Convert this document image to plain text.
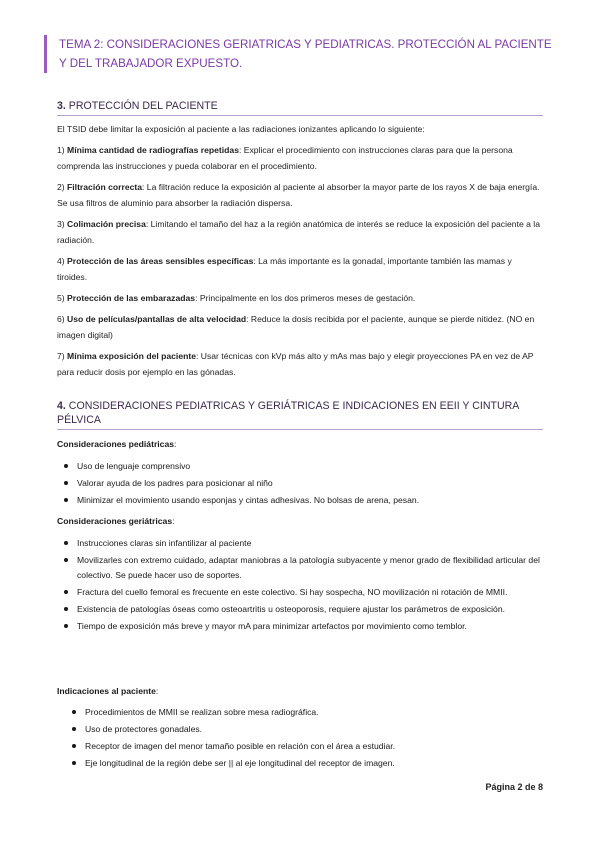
TEMA 2: CONSIDERACIONES GERIATRICAS Y PEDIATRICAS. PROTECCIÓN AL PACIENTE Y DEL TRABAJADOR EXPUESTO.
3. PROTECCIÓN DEL PACIENTE

El TSID debe limitar la exposición al paciente a las radiaciones ionizantes aplicando lo siguiente:

1) Mínima cantidad de radiografías repetidas: Explicar el procedimiento con instrucciones claras para que la persona comprenda las instrucciones y pueda colaborar en el procedimiento.

2) Filtración correcta: La filtración reduce la exposición al paciente al absorber la mayor parte de los rayos X de baja energía. Se usa filtros de aluminio para absorber la radiación dispersa.

3) Colimación precisa: Limitando el tamaño del haz a la región anatómica de interés se reduce la exposición del paciente a la radiación.

4) Protección de las áreas sensibles específicas: La más importante es la gonadal, importante también las mamas y tiroides.

5) Protección de las embarazadas: Principalmente en los dos primeros meses de gestación.

6) Uso de películas/pantallas de alta velocidad: Reduce la dosis recibida por el paciente, aunque se pierde nitidez. (NO en imagen digital)

7) Mínima exposición del paciente: Usar técnicas con kVp más alto y mAs mas bajo y elegir proyecciones PA en vez de AP para reducir dosis por ejemplo en las gónadas.

4. CONSIDERACIONES PEDIATRICAS Y GERIÁTRICAS E INDICACIONES EN EEII Y CINTURA PÉLVICA

Consideraciones pediátricas:

Uso de lenguaje comprensivo
Valorar ayuda de los padres para posicionar al niño
Minimizar el movimiento usando esponjas y cintas adhesivas. No bolsas de arena, pesan.

Consideraciones geriátricas:

Instrucciones claras sin infantilizar al paciente
Movilizarles con extremo cuidado, adaptar maniobras a la patología subyacente y menor grado de flexibilidad articular del colectivo. Se puede hacer uso de soportes.
Fractura del cuello femoral es frecuente en este colectivo. Si hay sospecha, NO movilización ni rotación de MMII.
Existencia de patologías óseas como osteoartritis u osteoporosis, requiere ajustar los parámetros de exposición.
Tiempo de exposición más breve y mayor mA para minimizar artefactos por movimiento como temblor.

Indicaciones al paciente:

Procedimientos de MMII se realizan sobre mesa radiográfica.
Uso de protectores gonadales.
Receptor de imagen del menor tamaño posible en relación con el área a estudiar.
Eje longitudinal de la región debe ser || al eje longitudinal del receptor de imagen.
Página 2 de 8
